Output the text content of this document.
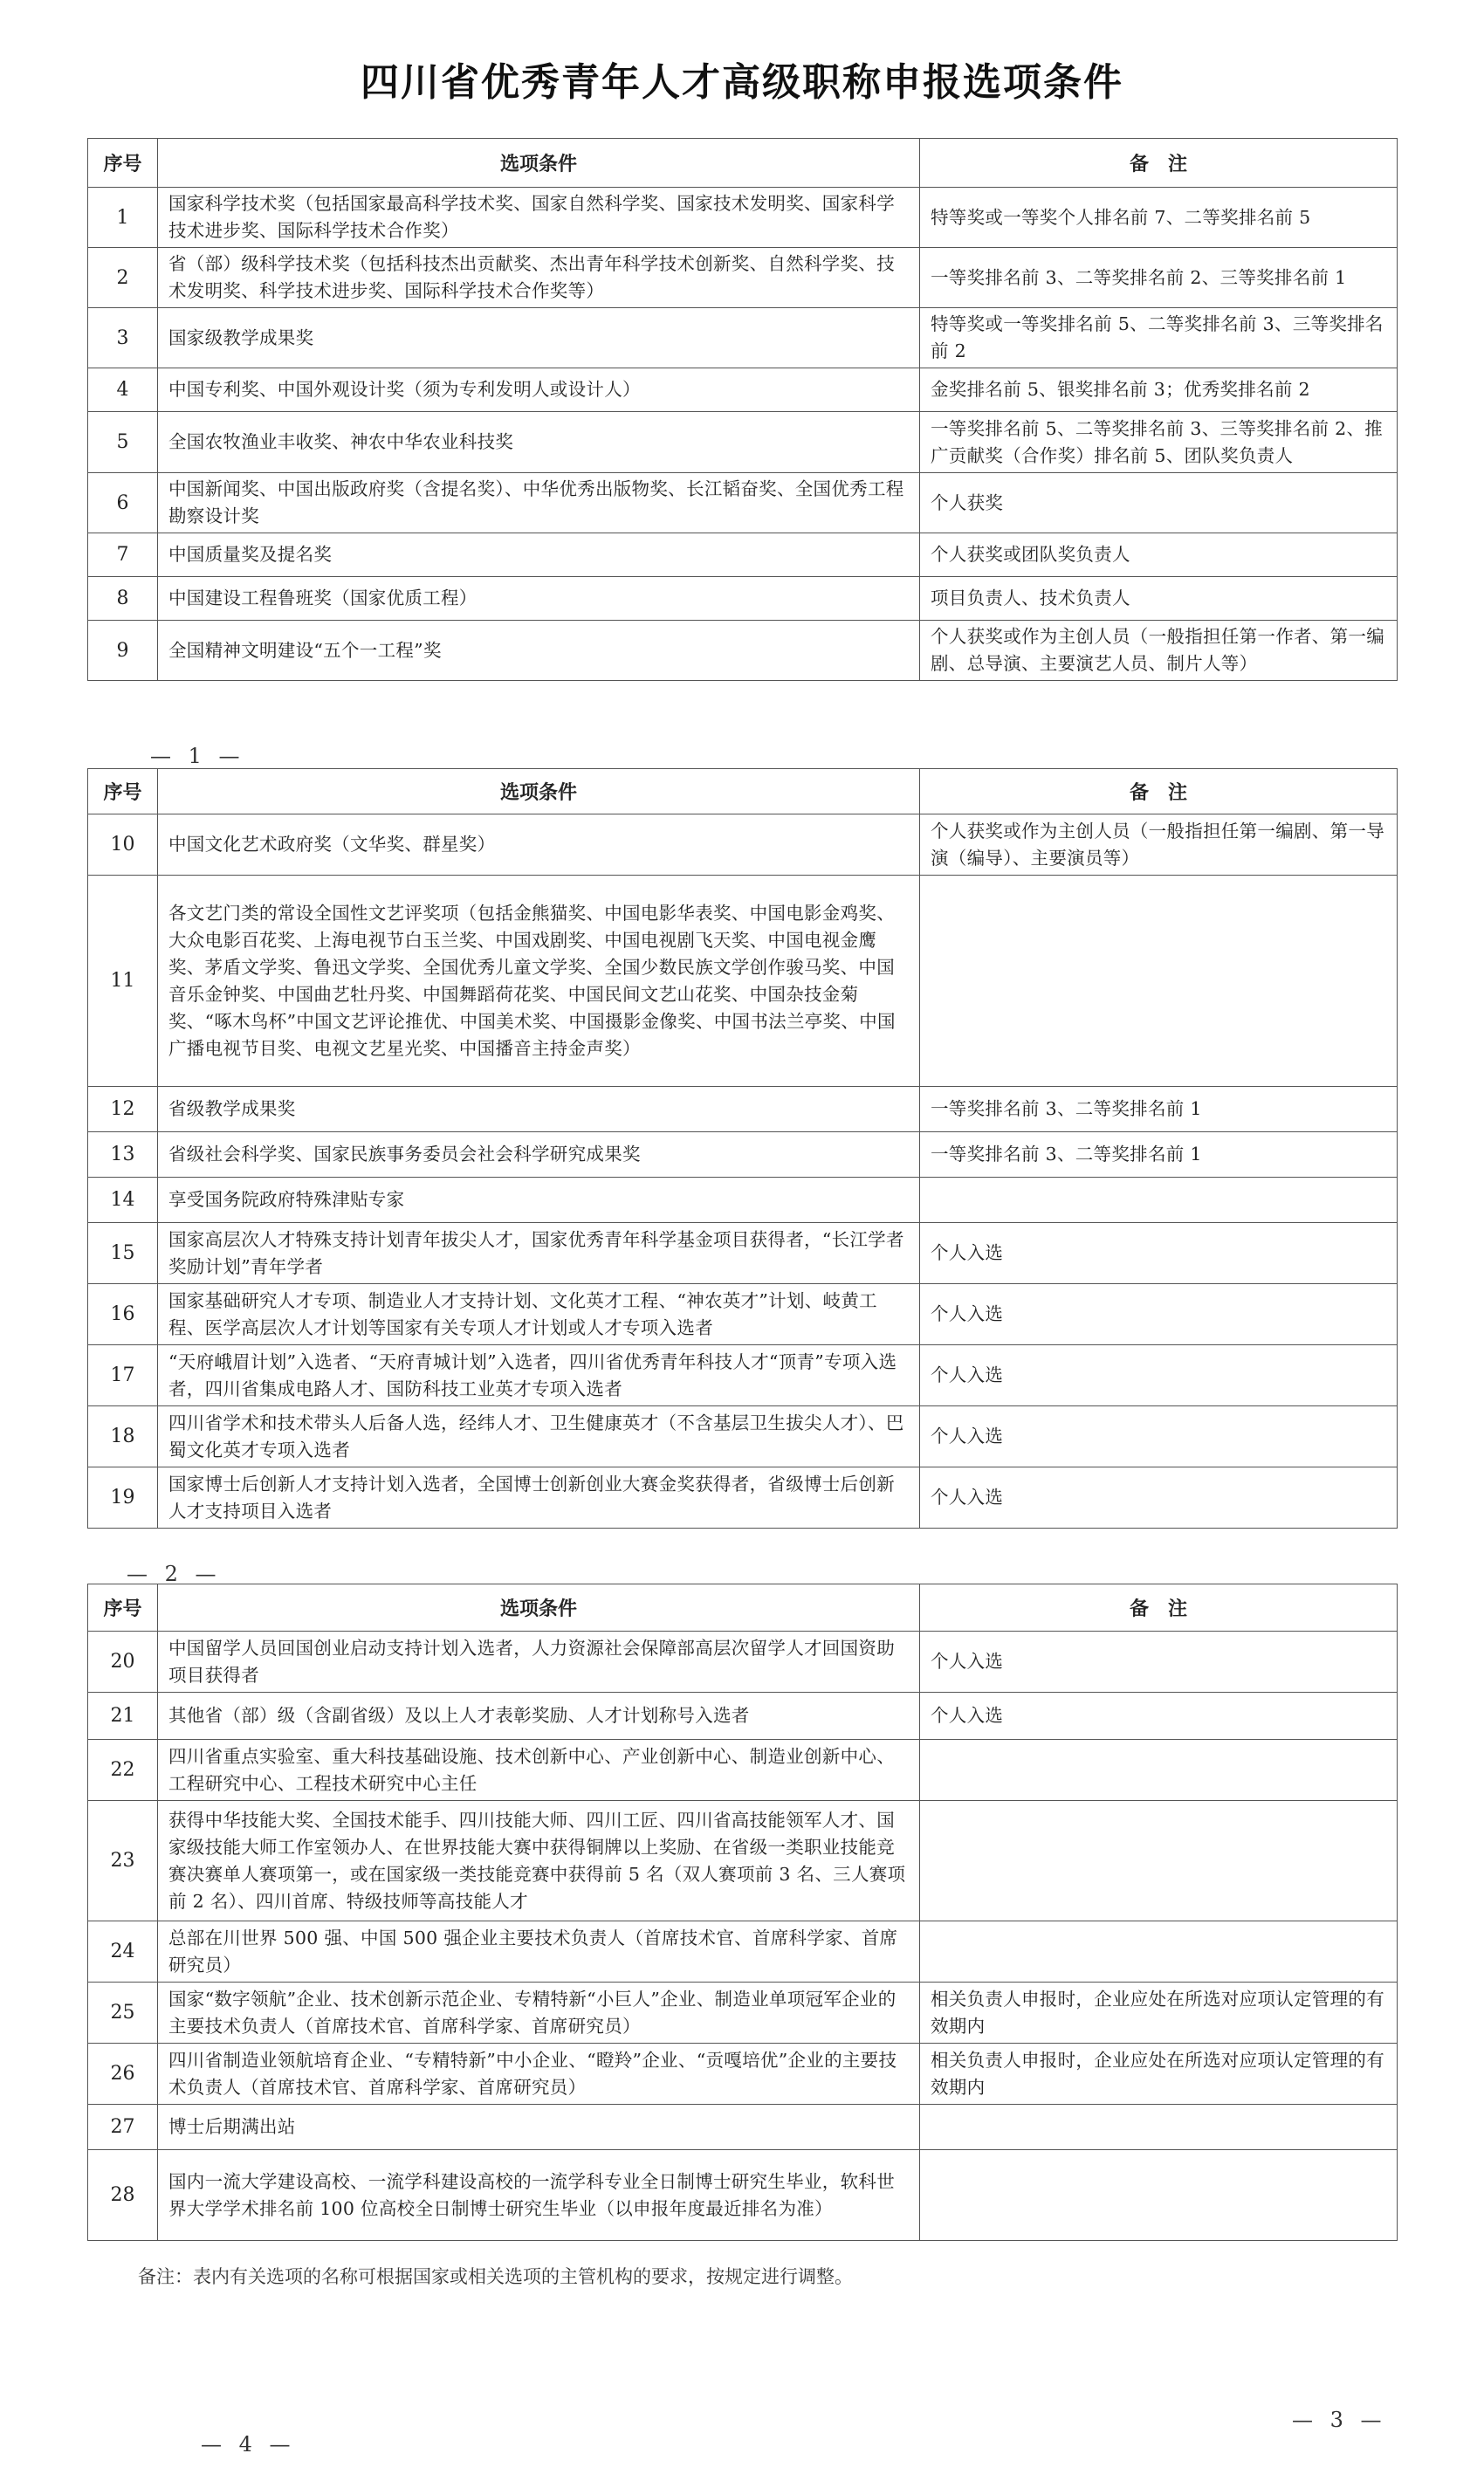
四川省优秀青年人才高级职称申报选项条件
序号	选项条件	备　注
1	国家科学技术奖（包括国家最高科学技术奖、国家自然科学奖、国家技术发明奖、国家科学技术进步奖、国际科学技术合作奖）	特等奖或一等奖个人排名前 7、二等奖排名前 5
2	省（部）级科学技术奖（包括科技杰出贡献奖、杰出青年科学技术创新奖、自然科学奖、技术发明奖、科学技术进步奖、国际科学技术合作奖等）	一等奖排名前 3、二等奖排名前 2、三等奖排名前 1
3	国家级教学成果奖	特等奖或一等奖排名前 5、二等奖排名前 3、三等奖排名前 2
4	中国专利奖、中国外观设计奖（须为专利发明人或设计人）	金奖排名前 5、银奖排名前 3；优秀奖排名前 2
5	全国农牧渔业丰收奖、神农中华农业科技奖	一等奖排名前 5、二等奖排名前 3、三等奖排名前 2、推广贡献奖（合作奖）排名前 5、团队奖负责人
6	中国新闻奖、中国出版政府奖（含提名奖）、中华优秀出版物奖、长江韬奋奖、全国优秀工程勘察设计奖	个人获奖
7	中国质量奖及提名奖	个人获奖或团队奖负责人
8	中国建设工程鲁班奖（国家优质工程）	项目负责人、技术负责人
9	全国精神文明建设“五个一工程”奖	个人获奖或作为主创人员（一般指担任第一作者、第一编剧、总导演、主要演艺人员、制片人等）
— 1 —
序号	选项条件	备　注
10	中国文化艺术政府奖（文华奖、群星奖）	个人获奖或作为主创人员（一般指担任第一编剧、第一导演（编导）、主要演员等）
11	各文艺门类的常设全国性文艺评奖项（包括金熊猫奖、中国电影华表奖、中国电影金鸡奖、大众电影百花奖、上海电视节白玉兰奖、中国戏剧奖、中国电视剧飞天奖、中国电视金鹰奖、茅盾文学奖、鲁迅文学奖、全国优秀儿童文学奖、全国少数民族文学创作骏马奖、中国音乐金钟奖、中国曲艺牡丹奖、中国舞蹈荷花奖、中国民间文艺山花奖、中国杂技金菊奖、“啄木鸟杯”中国文艺评论推优、中国美术奖、中国摄影金像奖、中国书法兰亭奖、中国广播电视节目奖、电视文艺星光奖、中国播音主持金声奖）	
12	省级教学成果奖	一等奖排名前 3、二等奖排名前 1
13	省级社会科学奖、国家民族事务委员会社会科学研究成果奖	一等奖排名前 3、二等奖排名前 1
14	享受国务院政府特殊津贴专家	
15	国家高层次人才特殊支持计划青年拔尖人才，国家优秀青年科学基金项目获得者，“长江学者奖励计划”青年学者	个人入选
16	国家基础研究人才专项、制造业人才支持计划、文化英才工程、“神农英才”计划、岐黄工程、医学高层次人才计划等国家有关专项人才计划或人才专项入选者	个人入选
17	“天府峨眉计划”入选者、“天府青城计划”入选者，四川省优秀青年科技人才“顶青”专项入选者，四川省集成电路人才、国防科技工业英才专项入选者	个人入选
18	四川省学术和技术带头人后备人选，经纬人才、卫生健康英才（不含基层卫生拔尖人才）、巴蜀文化英才专项入选者	个人入选
19	国家博士后创新人才支持计划入选者，全国博士创新创业大赛金奖获得者，省级博士后创新人才支持项目入选者	个人入选
— 2 —
序号	选项条件	备　注
20	中国留学人员回国创业启动支持计划入选者，人力资源社会保障部高层次留学人才回国资助项目获得者	个人入选
21	其他省（部）级（含副省级）及以上人才表彰奖励、人才计划称号入选者	个人入选
22	四川省重点实验室、重大科技基础设施、技术创新中心、产业创新中心、制造业创新中心、工程研究中心、工程技术研究中心主任	
23	获得中华技能大奖、全国技术能手、四川技能大师、四川工匠、四川省高技能领军人才、国家级技能大师工作室领办人、在世界技能大赛中获得铜牌以上奖励、在省级一类职业技能竞赛决赛单人赛项第一，或在国家级一类技能竞赛中获得前 5 名（双人赛项前 3 名、三人赛项前 2 名）、四川首席、特级技师等高技能人才	
24	总部在川世界 500 强、中国 500 强企业主要技术负责人（首席技术官、首席科学家、首席研究员）	
25	国家“数字领航”企业、技术创新示范企业、专精特新“小巨人”企业、制造业单项冠军企业的主要技术负责人（首席技术官、首席科学家、首席研究员）	相关负责人申报时，企业应处在所选对应项认定管理的有效期内
26	四川省制造业领航培育企业、“专精特新”中小企业、“瞪羚”企业、“贡嘎培优”企业的主要技术负责人（首席技术官、首席科学家、首席研究员）	相关负责人申报时，企业应处在所选对应项认定管理的有效期内
27	博士后期满出站	
28	国内一流大学建设高校、一流学科建设高校的一流学科专业全日制博士研究生毕业，软科世界大学学术排名前 100 位高校全日制博士研究生毕业（以申报年度最近排名为准）	
备注：表内有关选项的名称可根据国家或相关选项的主管机构的要求，按规定进行调整。
— 3 —
— 4 —
